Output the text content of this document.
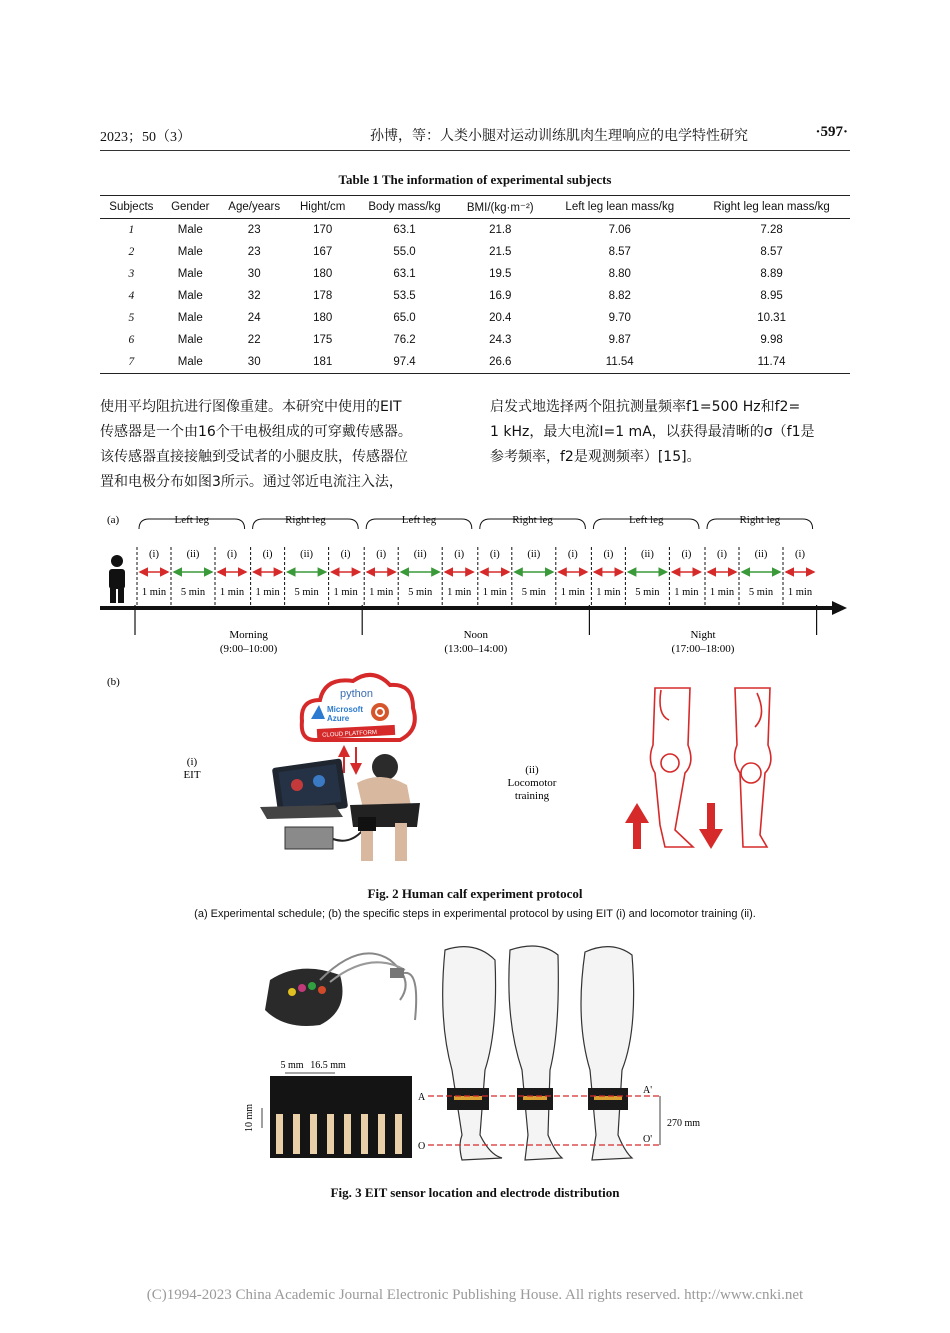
2023；50（3）	孙博，等：人类小腿对运动训练肌肉生理响应的电学特性研究	·597·
Table 1 The information of experimental subjects
Subjects	Gender	Age/years	Hight/cm	Body mass/kg	BMI/(kg·m⁻²)	Left leg lean mass/kg	Right leg lean mass/kg
1	Male	23	170	63.1	21.8	7.06	7.28
2	Male	23	167	55.0	21.5	8.57	8.57
3	Male	30	180	63.1	19.5	8.80	8.89
4	Male	32	178	53.5	16.9	8.82	8.95
5	Male	24	180	65.0	20.4	9.70	10.31
6	Male	22	175	76.2	24.3	9.87	9.98
7	Male	30	181	97.4	26.6	11.54	11.74
使用平均阻抗进行图像重建。本研究中使用的EIT
传感器是一个由16个干电极组成的可穿戴传感器。
该传感器直接接触到受试者的小腿皮肤，传感器位
置和电极分布如图3所示。通过邻近电流注入法，
启发式地选择两个阻抗测量频率f1=500 Hz和f2=
1 kHz，最大电流I=1 mA，以获得最清晰的σ（f1是
参考频率，f2是观测频率）[15]。
(a)	Left leg
(i)	(ii)	(i)
1 min 5 min 1 min
Right leg
(i)	(ii)	(i)
1 min 5 min 1 min
Left leg
(i)	(ii)	(i)
1 min 5 min 1 min
Right leg
(i)	(ii)	(i)
1 min 5 min 1 min
Left leg
(i)	(ii)	(i)
1 min 5 min 1 min
Right leg
(i)	(ii)	(i)
1 min 5 min 1 min
Morning
(9:00–10:00)
Noon
(13:00–14:00)
Night
(17:00–18:00)
(b)
(i)
EIT
python
Microsoft
Azure
CLOUD PLATFORM
(ii)
Locomotor
training
Fig. 2 Human calf experiment protocol
(a) Experimental schedule; (b) the specific steps in experimental protocol by using EIT (i) and locomotor training (ii).
5 mm 16.5 mm
10 mm
A
O
A'
O'
270 mm
Fig. 3 EIT sensor location and electrode distribution
(C)1994-2023 China Academic Journal Electronic Publishing House. All rights reserved. http://www.cnki.net
